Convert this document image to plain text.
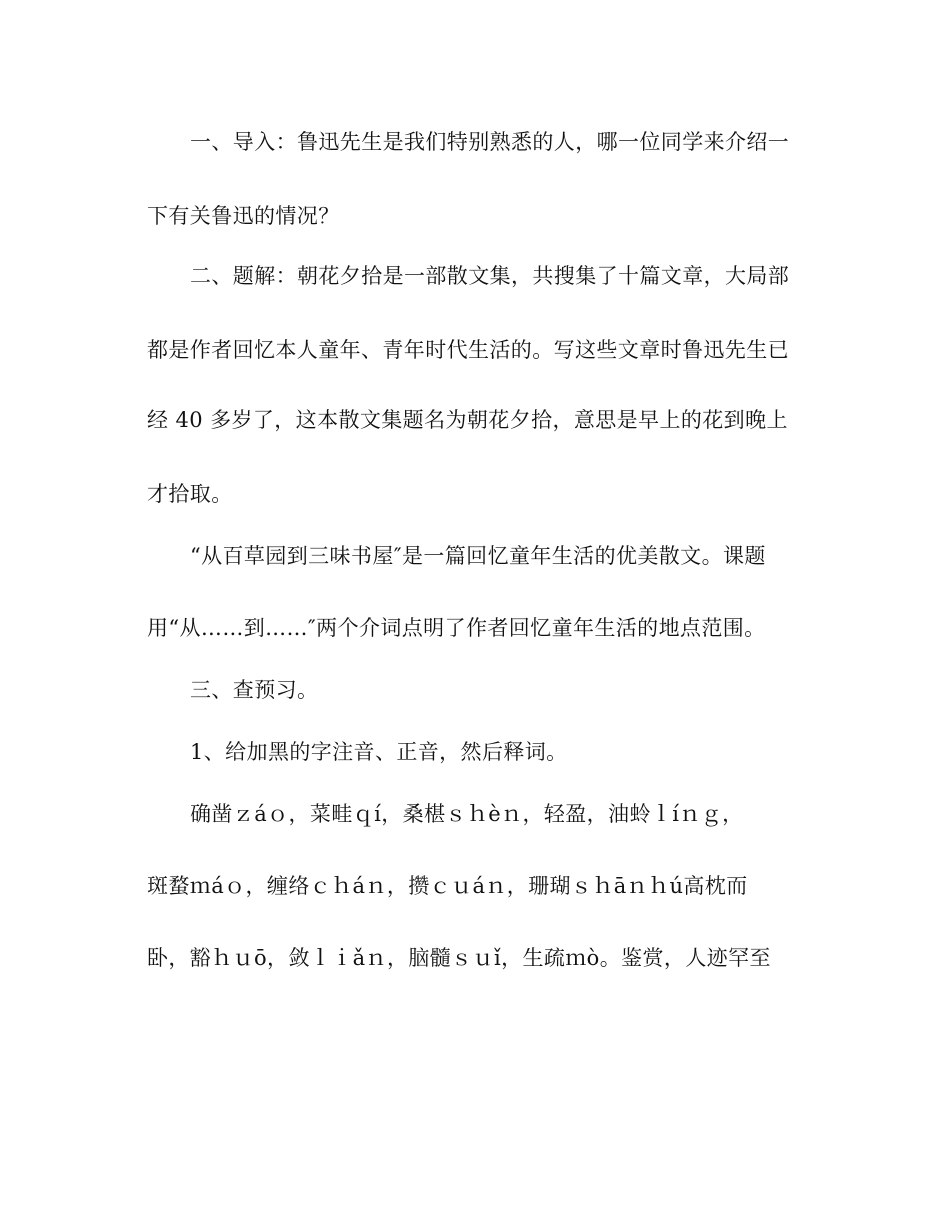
一、导入：鲁迅先生是我们特别熟悉的人，哪一位同学来介绍一
下有关鲁迅的情况？
二、题解：朝花夕拾是一部散文集，共搜集了十篇文章，大局部
都是作者回忆本人童年、青年时代生活的。写这些文章时鲁迅先生已
经 40 多岁了，这本散文集题名为朝花夕拾，意思是早上的花到晚上
才拾取。
“从百草园到三味书屋″是一篇回忆童年生活的优美散文。课题
用“从……到……″两个介词点明了作者回忆童年生活的地点范围。
三、查预习。
1、给加黑的字注音、正音，然后释词。
确凿ｚáｏ，菜畦ｑí，桑椹ｓｈèｎ，轻盈，油蛉ｌíｎｇ，
斑蝥ｍáｏ，缠络ｃｈáｎ，攒ｃｕáｎ，珊瑚ｓｈāｎｈú高枕而
卧，豁ｈｕō，敛ｌｉǎｎ，脑髓ｓｕǐ，生疏ｍò。鉴赏，人迹罕至
